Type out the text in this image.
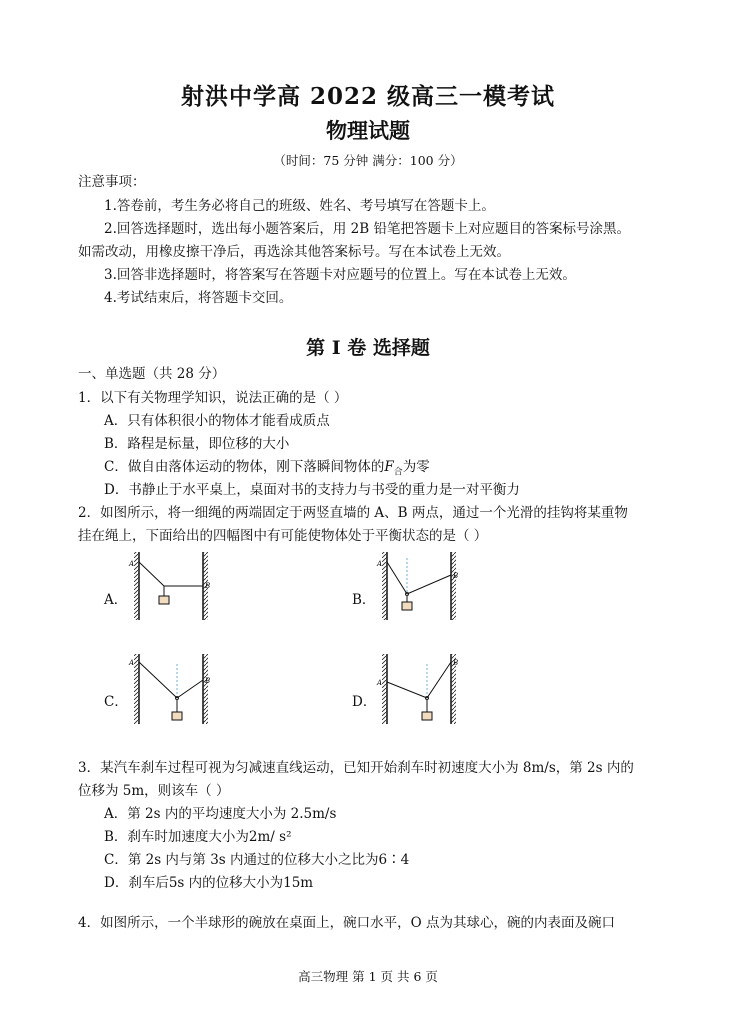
射洪中学高 2022 级高三一模考试
物理试题
（时间：75 分钟 满分：100 分）
注意事项：
1.答卷前，考生务必将自己的班级、姓名、考号填写在答题卡上。
2.回答选择题时，选出每小题答案后，用 2B 铅笔把答题卡上对应题目的答案标号涂黑。
如需改动，用橡皮擦干净后，再选涂其他答案标号。写在本试卷上无效。
3.回答非选择题时，将答案写在答题卡对应题号的位置上。写在本试卷上无效。
4.考试结束后，将答题卡交回。
第 I 卷 选择题
一、单选题（共 28 分）
1．以下有关物理学知识，说法正确的是（ ）
A．只有体积很小的物体才能看成质点
B．路程是标量，即位移的大小
C．做自由落体运动的物体，刚下落瞬间物体的$F_合$为零
D．书静止于水平桌上，桌面对书的支持力与书受的重力是一对平衡力
2．如图所示，将一细绳的两端固定于两竖直墙的 A、B 两点，通过一个光滑的挂钩将某重物
挂在绳上，下面给出的四幅图中有可能使物体处于平衡状态的是（ ）
A．	B．
C．	D．
A
B
A
B
A
B	A
B
3．某汽车刹车过程可视为匀减速直线运动，已知开始刹车时初速度大小为 8m/s，第 2s 内的
位移为 5m，则该车（ ）
A．第 2s 内的平均速度大小为 2.5m/s
B．刹车时加速度大小为2m/ s²
C．第 2s 内与第 3s 内通过的位移大小之比为6∶4
D．刹车后5s 内的位移大小为15m
4．如图所示，一个半球形的碗放在桌面上，碗口水平，O 点为其球心，碗的内表面及碗口
高三物理 第 1 页 共 6 页
